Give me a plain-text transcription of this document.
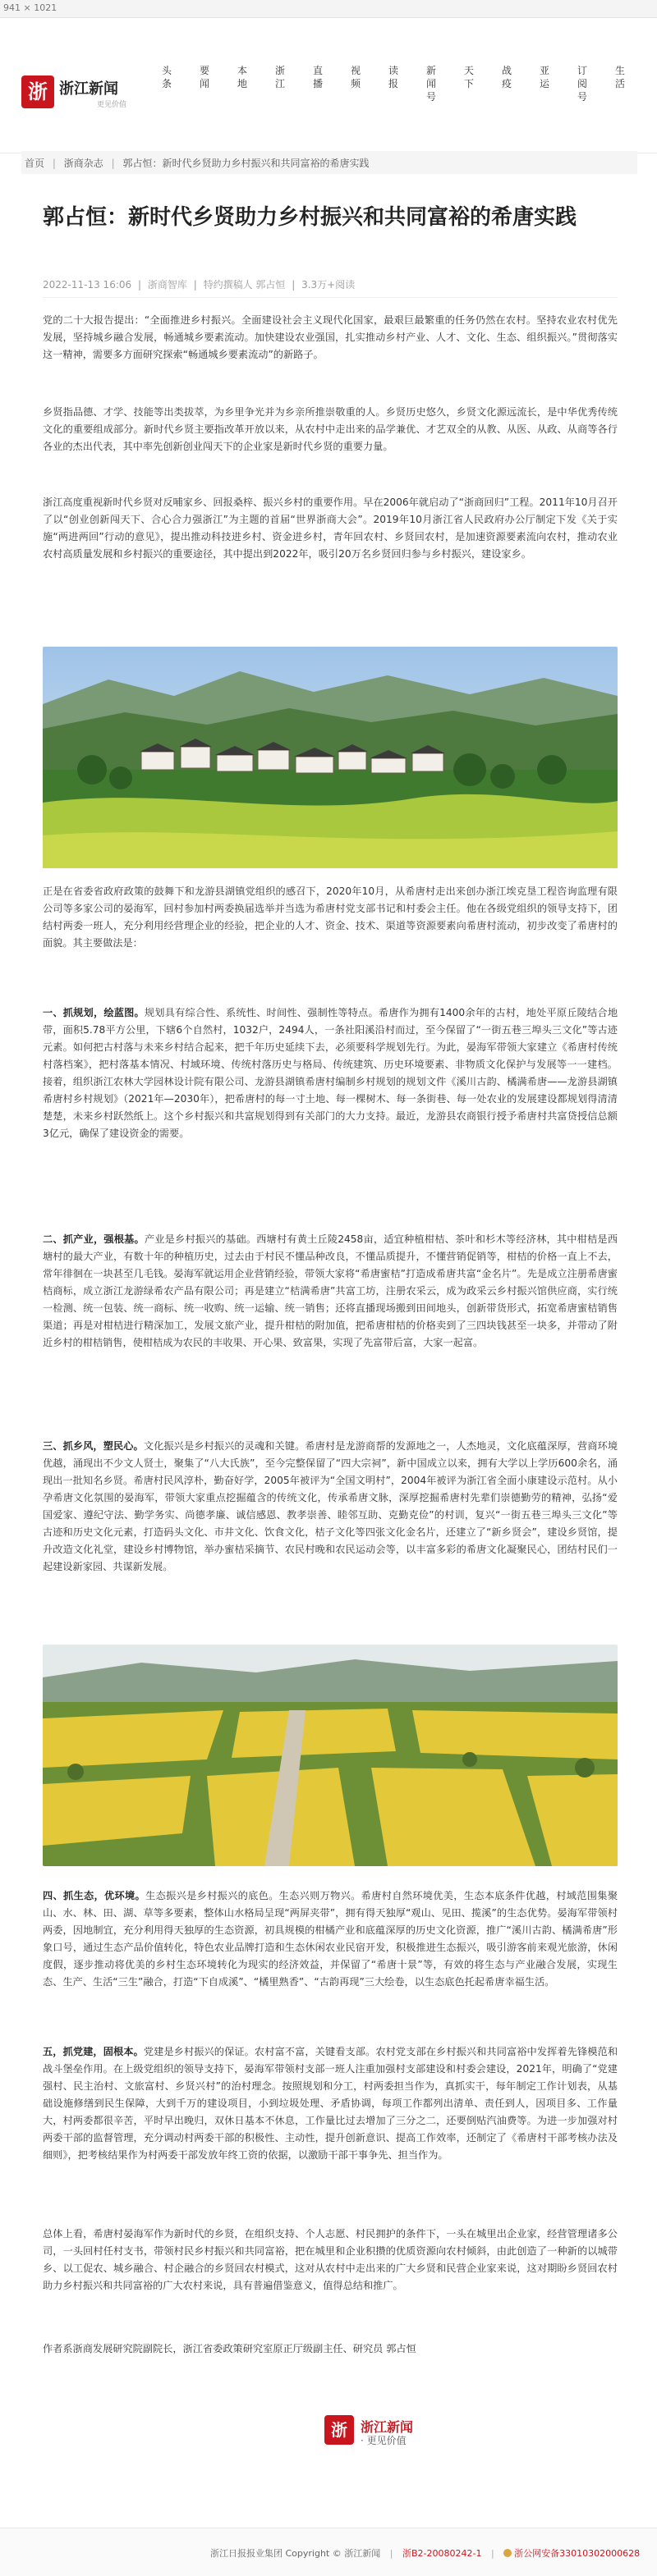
941 × 1021
浙 浙江新闻
更见价值
头条
要闻
本地
浙江
直播
视频
读报
新闻号
天下
战疫
亚运
订阅号
生活
首页 | 浙商杂志 | 郭占恒：新时代乡贤助力乡村振兴和共同富裕的希唐实践
郭占恒：新时代乡贤助力乡村振兴和共同富裕的希唐实践
2022-11-13 16:06 | 浙商智库 | 特约撰稿人 郭占恒 | 3.3万+阅读

党的二十大报告提出：“全面推进乡村振兴。全面建设社会主义现代化国家，最艰巨最繁重的任务仍然在农村。坚持农业农村优先发展，坚持城乡融合发展，畅通城乡要素流动。加快建设农业强国，扎实推动乡村产业、人才、文化、生态、组织振兴。”贯彻落实这一精神，需要多方面研究探索“畅通城乡要素流动”的新路子。

乡贤指品德、才学、技能等出类拔萃，为乡里争光并为乡亲所推崇敬重的人。乡贤历史悠久，乡贤文化源远流长，是中华优秀传统文化的重要组成部分。新时代乡贤主要指改革开放以来，从农村中走出来的品学兼优、才艺双全的从教、从医、从政、从商等各行各业的杰出代表，其中率先创新创业闯天下的企业家是新时代乡贤的重要力量。

浙江高度重视新时代乡贤对反哺家乡、回报桑梓、振兴乡村的重要作用。早在2006年就启动了“浙商回归”工程。2011年10月召开了以“创业创新闯天下、合心合力强浙江”为主题的首届“世界浙商大会”。2019年10月浙江省人民政府办公厅制定下发《关于实施“两进两回”行动的意见》，提出推动科技进乡村、资金进乡村，青年回农村、乡贤回农村，是加速资源要素流向农村，推动农业农村高质量发展和乡村振兴的重要途径，其中提出到2022年，吸引20万名乡贤回归参与乡村振兴，建设家乡。

正是在省委省政府政策的鼓舞下和龙游县湖镇党组织的感召下，2020年10月，从希唐村走出来创办浙江埃克垦工程咨询监理有限公司等多家公司的晏海军，回村参加村两委换届选举并当选为希唐村党支部书记和村委会主任。他在各级党组织的领导支持下，团结村两委一班人，充分利用经营理企业的经验，把企业的人才、资金、技术、渠道等资源要素向希唐村流动，初步改变了希唐村的面貌。其主要做法是：

一、抓规划，绘蓝图。规划具有综合性、系统性、时间性、强制性等特点。希唐作为拥有1400余年的古村，地处平原丘陵结合地带，面积5.78平方公里，下辖6个自然村，1032户，2494人，一条社阳溪沿村而过，至今保留了“一街五巷三埠头三文化”等古迹元素。如何把古村落与未来乡村结合起来，把千年历史延续下去，必须要科学规划先行。为此，晏海军带领大家建立《希唐村传统村落档案》，把村落基本情况、村域环境、传统村落历史与格局、传统建筑、历史环境要素、非物质文化保护与发展等一一建档。接着，组织浙江农林大学园林设计院有限公司、龙游县湖镇希唐村编制乡村规划的规划文件《溪川古韵、橘满希唐——龙游县湖镇希唐村乡村规划》（2021年—2030年），把希唐村的每一寸土地、每一棵树木、每一条街巷、每一处农业的发展建设都规划得清清楚楚，未来乡村跃然纸上。这个乡村振兴和共富规划得到有关部门的大力支持。最近，龙游县农商银行授予希唐村共富贷授信总额3亿元，确保了建设资金的需要。

二、抓产业，强根基。产业是乡村振兴的基础。西塘村有黄土丘陵2458亩，适宜种植柑桔、茶叶和杉木等经济林，其中柑桔是西塘村的最大产业，有数十年的种植历史，过去由于村民不懂品种改良，不懂品质提升，不懂营销促销等，柑桔的价格一直上不去，常年徘徊在一块甚至几毛钱。晏海军就运用企业营销经验，带领大家将“希唐蜜桔”打造成希唐共富“金名片”。先是成立注册希唐蜜桔商标，成立浙江龙游绿希农产品有限公司；再是建立“桔满希唐”共富工坊，注册农采云，成为政采云乡村振兴馆供应商，实行统一检测、统一包装、统一商标、统一收购、统一运输、统一销售；还将直播现场搬到田间地头，创新带货形式，拓宽希唐蜜桔销售渠道；再是对柑桔进行精深加工，发展文旅产业，提升柑桔的附加值，把希唐柑桔的价格卖到了三四块钱甚至一块多，并带动了附近乡村的柑桔销售，使柑桔成为农民的丰收果、开心果、致富果，实现了先富带后富，大家一起富。

三、抓乡风，塑民心。文化振兴是乡村振兴的灵魂和关键。希唐村是龙游商帮的发源地之一，人杰地灵，文化底蕴深厚，营商环境优越，涌现出不少文人贤士，聚集了“八大氏族”，至今完整保留了“四大宗祠”，新中国成立以来，拥有大学以上学历600余名，涌现出一批知名乡贤。希唐村民风淳朴，勤奋好学，2005年被评为“全国文明村”，2004年被评为浙江省全面小康建设示范村。从小孕希唐文化氛围的晏海军，带领大家重点挖掘蕴含的传统文化，传承希唐文脉，深厚挖掘希唐村先辈们崇德勤劳的精神，弘扬“爱国爱家、遵纪守法、勤学务实、尚德孝廉、诚信感恩、教孝崇善、睦邻互助、克勤克俭”的村训，复兴“一街五巷三埠头三文化”等古迹和历史文化元素，打造码头文化、市井文化、饮食文化，桔子文化等四张文化金名片，还建立了“新乡贤会”，建设乡贤馆，提升改造文化礼堂，建设乡村博物馆，举办蜜桔采摘节、农民村晚和农民运动会等，以丰富多彩的希唐文化凝聚民心，团结村民们一起建设新家园、共谋新发展。

四、抓生态，优环境。生态振兴是乡村振兴的底色。生态兴则万物兴。希唐村自然环境优美，生态本底条件优越，村域范围集聚山、水、林、田、湖、草等多要素，整体山水格局呈现“两屏夹带”，拥有得天独厚“观山、见田、揽溪”的生态优势。晏海军带领村两委，因地制宜，充分利用得天独厚的生态资源，初具规模的柑橘产业和底蕴深厚的历史文化资源，推广“溪川古韵、橘满希唐”形象口号，通过生态产品价值转化，特色农业品牌打造和生态休闲农业民宿开发，积极推进生态振兴，吸引游客前来观光旅游，休闲度假，逐步推动将优美的乡村生态环境转化为现实的经济效益，并保留了“希唐十景”等，有效的将生态与产业融合发展，实现生态、生产、生活“三生”融合，打造“下自成溪”、“橘里熟香”、“古韵再现”三大绘卷，以生态底色托起希唐幸福生活。

五，抓党建，固根本。党建是乡村振兴的保证。农村富不富，关键看支部。农村党支部在乡村振兴和共同富裕中发挥着先锋模范和战斗堡垒作用。在上级党组织的领导支持下，晏海军带领村支部一班人注重加强村支部建设和村委会建设，2021年，明确了“党建强村、民主治村、文旅富村、乡贤兴村”的治村理念。按照规划和分工，村两委担当作为，真抓实干，每年制定工作计划表，从基础设施修缮到民生保障，大到千万的建设项目，小到垃圾处理、矛盾协调，每项工作都列出清单、责任到人，因项目多、工作量大，村两委都很辛苦，平时早出晚归，双休日基本不休息，工作量比过去增加了三分之二，还要倒贴汽油费等。为进一步加强对村两委干部的监督管理，充分调动村两委干部的积极性、主动性，提升创新意识、提高工作效率，还制定了《希唐村干部考核办法及细则》，把考核结果作为村两委干部发放年终工资的依据，以激励干部干事争先、担当作为。

总体上看，希唐村晏海军作为新时代的乡贤，在组织支持、个人志愿、村民拥护的条件下，一头在城里出企业家，经营管理诸多公司，一头回村任村支书，带领村民乡村振兴和共同富裕，把在城里和企业积攒的优质资源向农村倾斜，由此创造了一种新的以城带乡、以工促农、城乡融合、村企融合的乡贤回农村模式，这对从农村中走出来的广大乡贤和民营企业家来说，这对期盼乡贤回农村助力乡村振兴和共同富裕的广大农村来说，具有普遍借鉴意义，值得总结和推广。

作者系浙商发展研究院副院长，浙江省委政策研究室原正厅级副主任、研究员 郭占恒

浙	浙江新闻
· 更见价值
浙江日报报业集团 Copyright © 浙江新闻 | 浙B2-20080242-1 | 浙公网安备33010302000628
